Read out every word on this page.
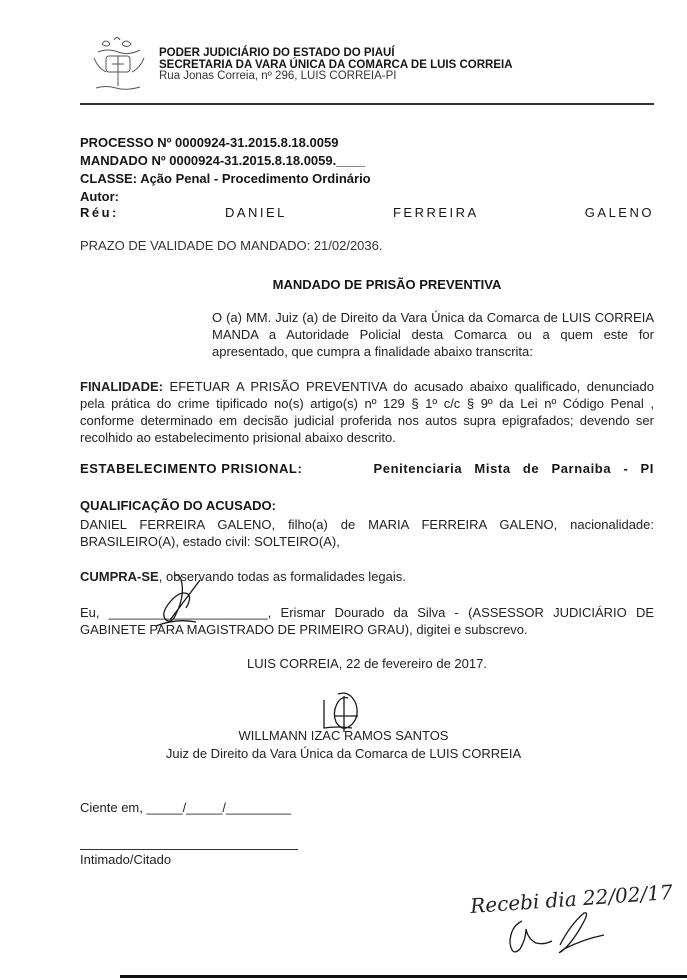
PODER JUDICIÁRIO DO ESTADO DO PIAUÍ
SECRETARIA DA VARA ÚNICA DA COMARCA DE LUIS CORREIA
Rua Jonas Correia, nº 296, LUIS CORREIA-PI
PROCESSO Nº 0000924-31.2015.8.18.0059
MANDADO Nº 0000924-31.2015.8.18.0059.____
CLASSE: Ação Penal - Procedimento Ordinário
Autor:
Réu:	DANIEL	FERREIRA	GALENO
PRAZO DE VALIDADE DO MANDADO: 21/02/2036.
MANDADO DE PRISÃO PREVENTIVA
O (a) MM. Juiz (a) de Direito da Vara Única da Comarca de LUIS CORREIA MANDA a Autoridade Policial desta Comarca ou a quem este for apresentado, que cumpra a finalidade abaixo transcrita:
FINALIDADE: EFETUAR A PRISÃO PREVENTIVA do acusado abaixo qualificado, denunciado pela prática do crime tipificado no(s) artigo(s) nº 129 § 1º c/c § 9º da Lei nº Código Penal , conforme determinado em decisão judicial proferida nos autos supra epigrafados; devendo ser recolhido ao estabelecimento prisional abaixo descrito.
ESTABELECIMENTO PRISIONAL:	Penitenciaria Mista de Parnaiba - PI
QUALIFICAÇÃO DO ACUSADO:
DANIEL FERREIRA GALENO, filho(a) de MARIA FERREIRA GALENO, nacionalidade: BRASILEIRO(A), estado civil: SOLTEIRO(A),
CUMPRA-SE, observando todas as formalidades legais.
Eu, ______________________, Erismar Dourado da Silva - (ASSESSOR JUDICIÁRIO DE GABINETE PARA MAGISTRADO DE PRIMEIRO GRAU), digitei e subscrevo.
LUIS CORREIA, 22 de fevereiro de 2017.
WILLMANN IZAC RAMOS SANTOS
Juiz de Direito da Vara Única da Comarca de LUIS CORREIA
Ciente em, _____/_____/_________
Intimado/Citado
Recebi dia 22/02/17
